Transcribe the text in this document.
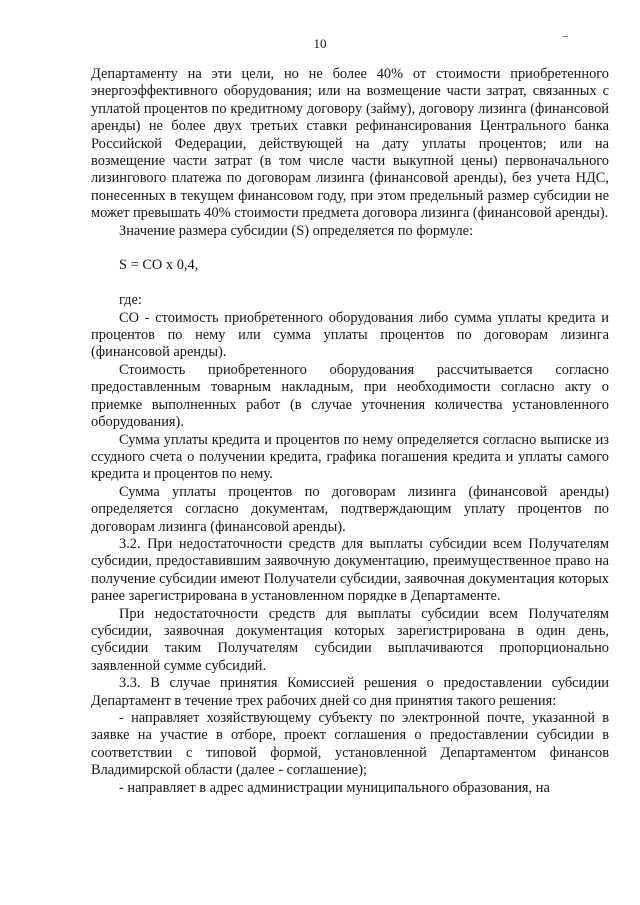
10

Департаменту на эти цели, но не более 40% от стоимости приобретенного энергоэффективного оборудования; или на возмещение части затрат, связанных с уплатой процентов по кредитному договору (займу), договору лизинга (финансовой аренды) не более двух третьих ставки рефинансирования Центрального банка Российской Федерации, действующей на дату уплаты процентов; или на возмещение части затрат (в том числе части выкупной цены) первоначального лизингового платежа по договорам лизинга (финансовой аренды), без учета НДС, понесенных в текущем финансовом году, при этом предельный размер субсидии не может превышать 40% стоимости предмета договора лизинга (финансовой аренды).

Значение размера субсидии (S) определяется по формуле:

S = CO x 0,4,

где:

CO - стоимость приобретенного оборудования либо сумма уплаты кредита и процентов по нему или сумма уплаты процентов по договорам лизинга (финансовой аренды).

Стоимость приобретенного оборудования рассчитывается согласно предоставленным товарным накладным, при необходимости согласно акту о приемке выполненных работ (в случае уточнения количества установленного оборудования).

Сумма уплаты кредита и процентов по нему определяется согласно выписке из ссудного счета о получении кредита, графика погашения кредита и уплаты самого кредита и процентов по нему.

Сумма уплаты процентов по договорам лизинга (финансовой аренды) определяется согласно документам, подтверждающим уплату процентов по договорам лизинга (финансовой аренды).

3.2. При недостаточности средств для выплаты субсидии всем Получателям субсидии, предоставившим заявочную документацию, преимущественное право на получение субсидии имеют Получатели субсидии, заявочная документация которых ранее зарегистрирована в установленном порядке в Департаменте.

При недостаточности средств для выплаты субсидии всем Получателям субсидии, заявочная документация которых зарегистрирована в один день, субсидии таким Получателям субсидии выплачиваются пропорционально заявленной сумме субсидий.

3.3. В случае принятия Комиссией решения о предоставлении субсидии Департамент в течение трех рабочих дней со дня принятия такого решения:

- направляет хозяйствующему субъекту по электронной почте, указанной в заявке на участие в отборе, проект соглашения о предоставлении субсидии в соответствии с типовой формой, установленной Департаментом финансов Владимирской области (далее - соглашение);

- направляет в адрес администрации муниципального образования, на
